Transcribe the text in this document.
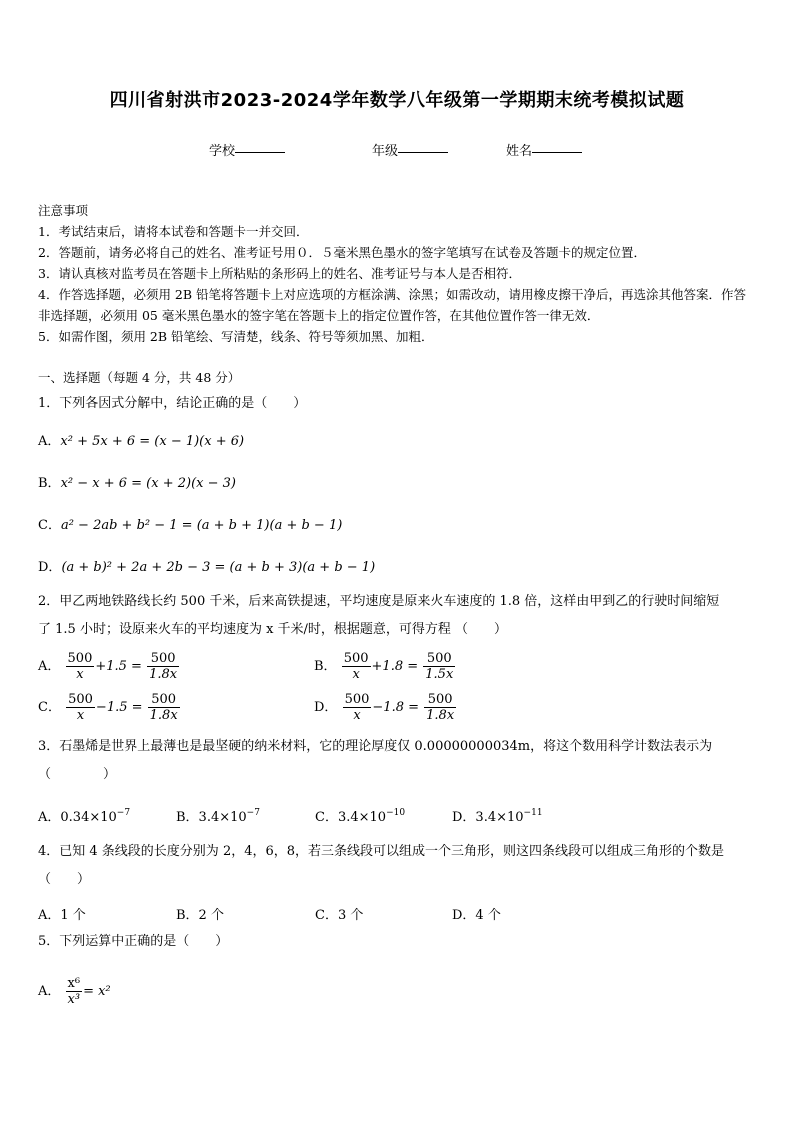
四川省射洪市2023-2024学年数学八年级第一学期期末统考模拟试题
学校	年级	姓名
注意事项
1．考试结束后，请将本试卷和答题卡一并交回．
2．答题前，请务必将自己的姓名、准考证号用０．５毫米黑色墨水的签字笔填写在试卷及答题卡的规定位置．
3．请认真核对监考员在答题卡上所粘贴的条形码上的姓名、准考证号与本人是否相符．
4．作答选择题，必须用 2B 铅笔将答题卡上对应选项的方框涂满、涂黑；如需改动，请用橡皮擦干净后，再选涂其他答案．作答非选择题，必须用 05 毫米黑色墨水的签字笔在答题卡上的指定位置作答，在其他位置作答一律无效．
5．如需作图，须用 2B 铅笔绘、写清楚，线条、符号等须加黑、加粗．
一、选择题（每题 4 分，共 48 分）
1．下列各因式分解中，结论正确的是（　　）
A．x² + 5x + 6 = (x − 1)(x + 6)
B．x² − x + 6 = (x + 2)(x − 3)
C．a² − 2ab + b² − 1 = (a + b + 1)(a + b − 1)
D．(a + b)² + 2a + 2b − 3 = (a + b + 3)(a + b − 1)
2．甲乙两地铁路线长约 500 千米，后来高铁提速，平均速度是原来火车速度的 1.8 倍，这样由甲到乙的行驶时间缩短
了 1.5 小时；设原来火车的平均速度为 x 千米/时，根据题意，可得方程 （　　）
A． $\frac{500}{x} +1.5 = \frac{500}{1.8x}$	B． $\frac{500}{x} +1.8 = \frac{500}{1.5x}$
C． $\frac{500}{x} -1.5 = \frac{500}{1.8x}$	D． $\frac{500}{x} -1.8 = \frac{500}{1.8x}$
3．石墨烯是世界上最薄也是最坚硬的纳米材料，它的理论厚度仅 0.00000000034m，将这个数用科学计数法表示为
（　　　　）
A．$0.34\times 10^{-7}$	B．$3.4\times 10^{-7}$	C．$3.4\times 10^{-10}$	D．$3.4\times 10^{-11}$
4．已知 4 条线段的长度分别为 2，4，6，8，若三条线段可以组成一个三角形，则这四条线段可以组成三角形的个数是
（　　）
A．1 个	B．2 个	C．3 个	D．4 个
5．下列运算中正确的是（　　）
A． $\frac{\text{x⁶}}{\text{x³}} = x^2$
